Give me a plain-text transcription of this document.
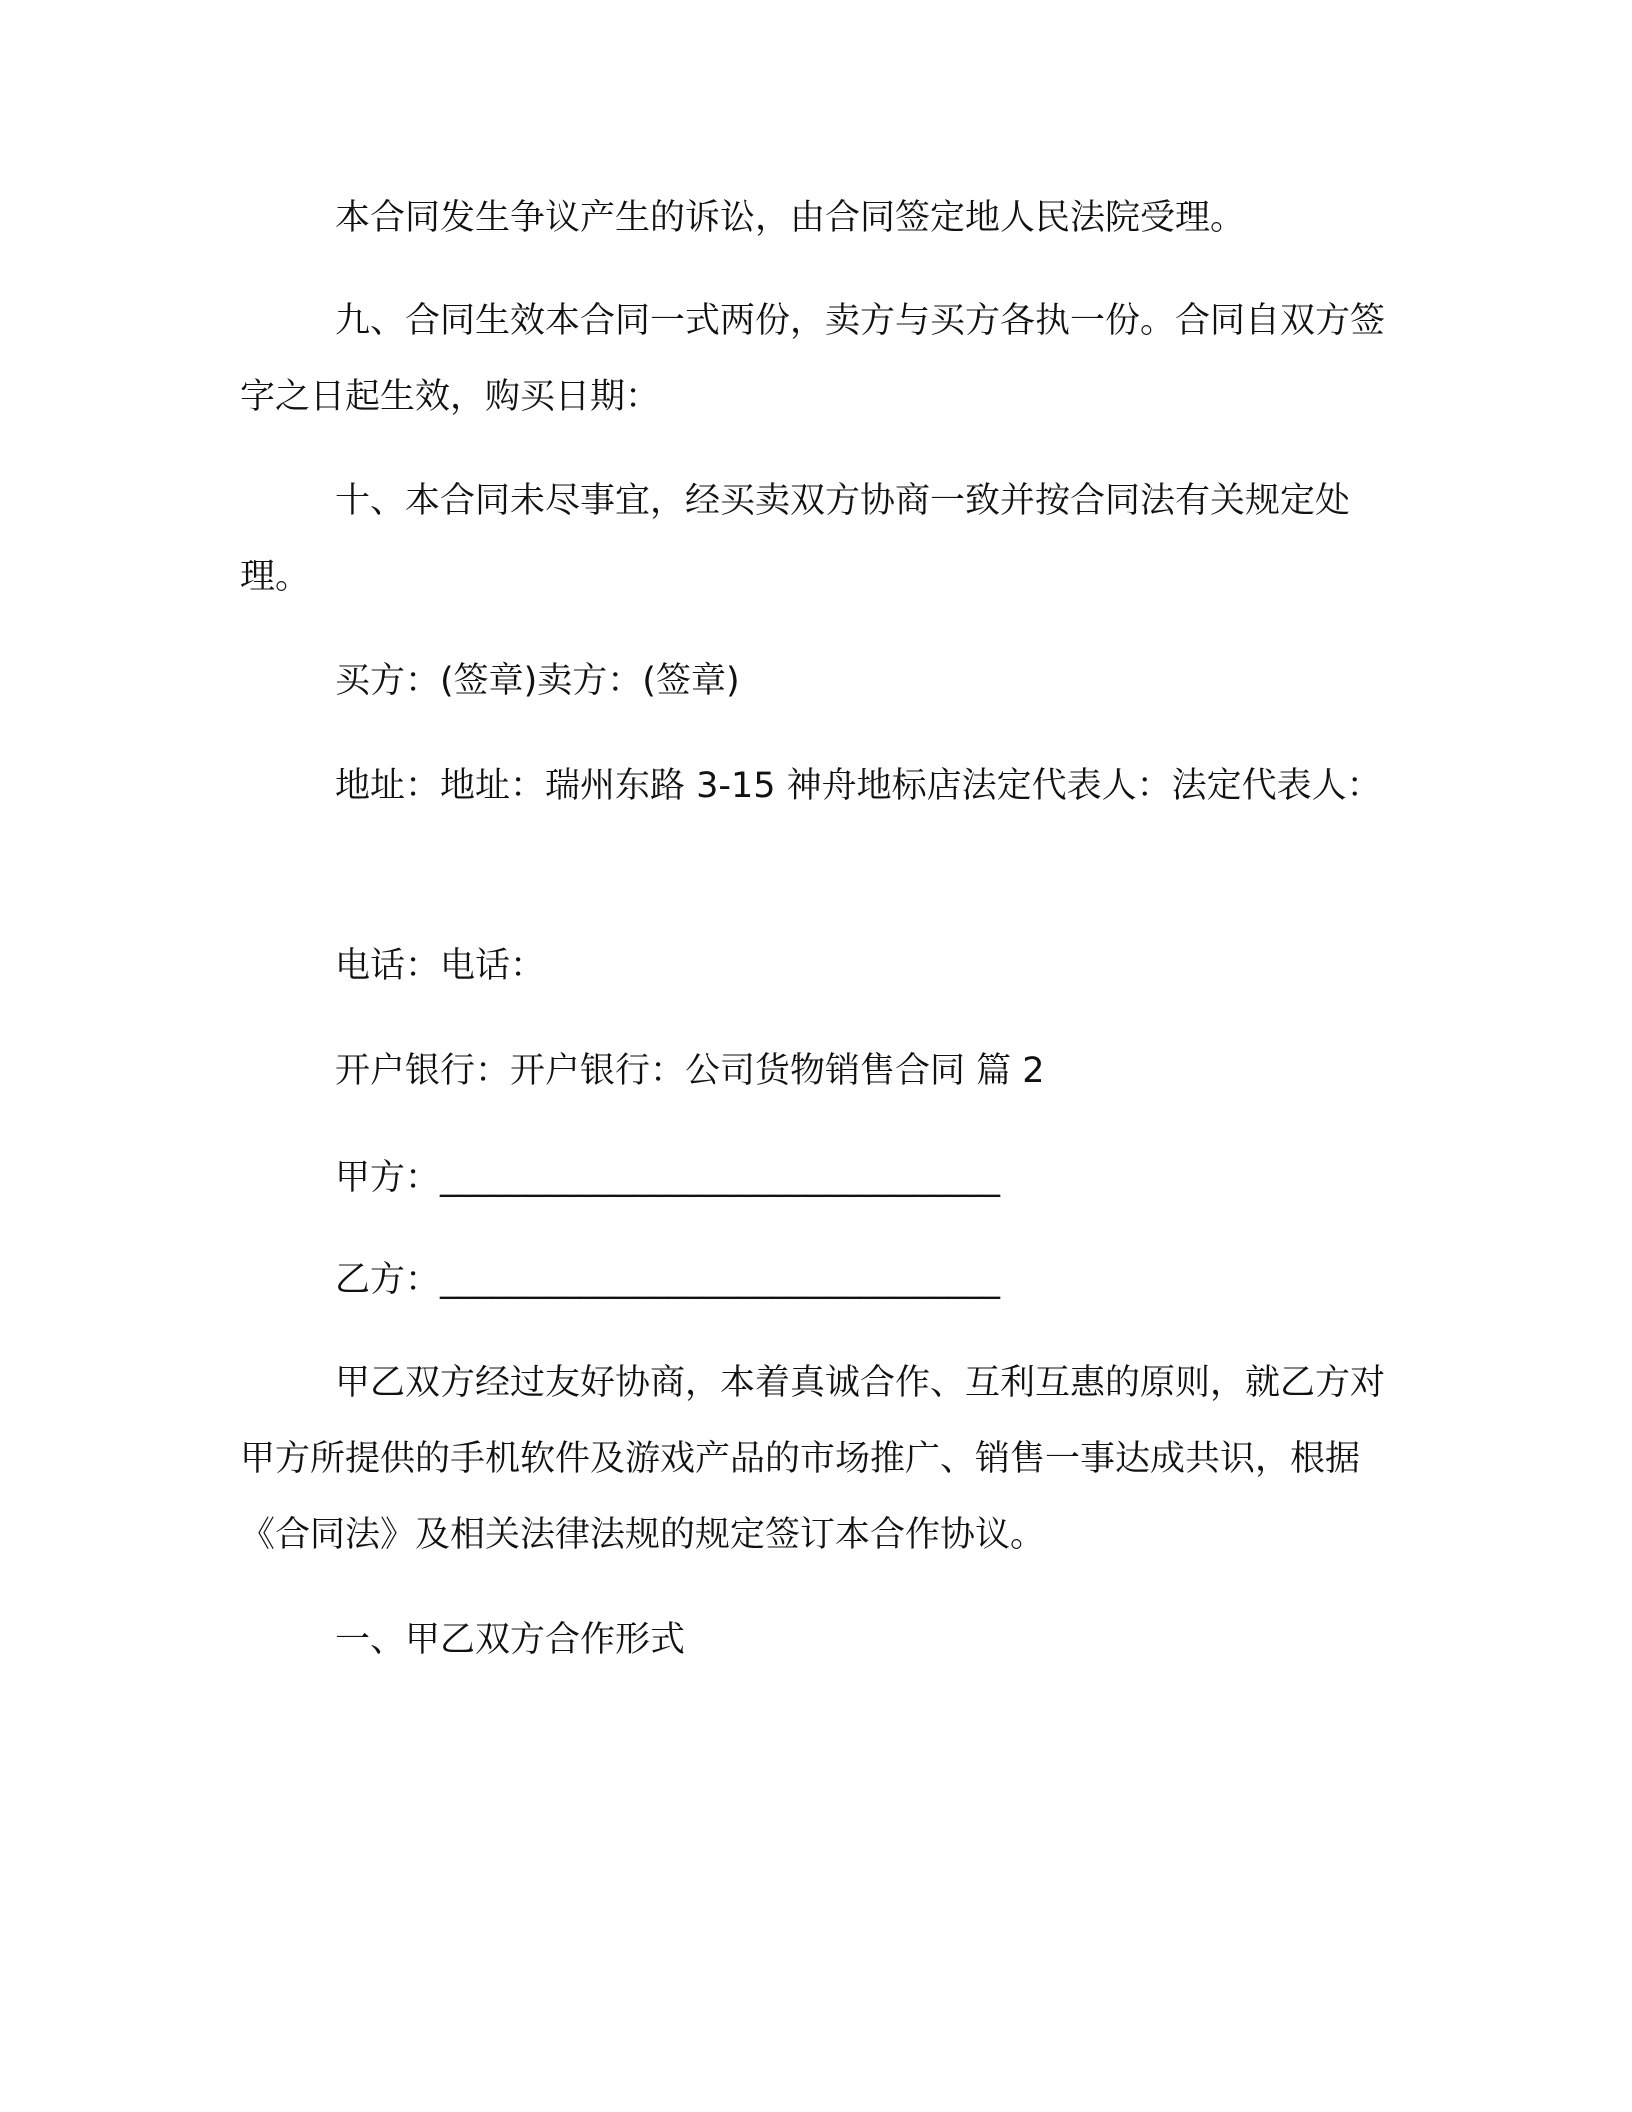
本合同发生争议产生的诉讼，由合同签定地人民法院受理。

九、合同生效本合同一式两份，卖方与买方各执一份。合同自双方签字之日起生效，购买日期：

十、本合同未尽事宜，经买卖双方协商一致并按合同法有关规定处理。

买方：(签章)卖方：(签章)

地址：地址：瑞州东路 3-15 神舟地标店法定代表人：法定代表人：

电话：电话：

开户银行：开户银行：公司货物销售合同 篇 2

甲方：________________________________

乙方：________________________________

甲乙双方经过友好协商，本着真诚合作、互利互惠的原则，就乙方对甲方所提供的手机软件及游戏产品的市场推广、销售一事达成共识，根据《合同法》及相关法律法规的规定签订本合作协议。

一、甲乙双方合作形式
